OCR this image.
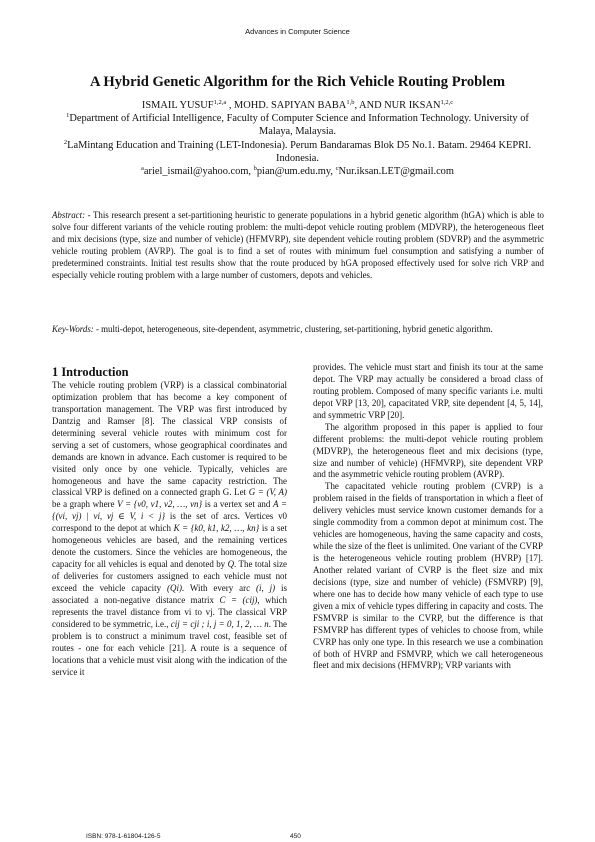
Advances in Computer Science
A Hybrid Genetic Algorithm for the Rich Vehicle Routing Problem
ISMAIL YUSUF$^{1,2,a}$ , MOHD. SAPIYAN BABA$^{1,b}$, AND NUR IKSAN$^{1,2,c}$
$^1$Department of Artificial Intelligence, Faculty of Computer Science and Information Technology. University of Malaya, Malaysia.
$^2$LaMintang Education and Training (LET-Indonesia). Perum Bandaramas Blok D5 No.1. Batam. 29464 KEPRI. Indonesia.
$^a$ariel_ismail@yahoo.com, $^b$pian@um.edu.my, $^c$Nur.iksan.LET@gmail.com
Abstract: - This research present a set-partitioning heuristic to generate populations in a hybrid genetic algorithm (hGA) which is able to solve four different variants of the vehicle routing problem: the multi-depot vehicle routing problem (MDVRP), the heterogeneous fleet and mix decisions (type, size and number of vehicle) (HFMVRP), site dependent vehicle routing problem (SDVRP) and the asymmetric vehicle routing problem (AVRP). The goal is to find a set of routes with minimum fuel consumption and satisfying a number of predetermined constraints. Initial test results show that the route produced by hGA proposed effectively used for solve rich VRP and especially vehicle routing problem with a large number of customers, depots and vehicles.
Key-Words: - multi-depot, heterogeneous, site-dependent, asymmetric, clustering, set-partitioning, hybrid genetic algorithm.
1 Introduction

The vehicle routing problem (VRP) is a classical combinatorial optimization problem that has become a key component of transportation management. The VRP was first introduced by Dantzig and Ramser [8]. The classical VRP consists of determining several vehicle routes with minimum cost for serving a set of customers, whose geographical coordinates and demands are known in advance. Each customer is required to be visited only once by one vehicle. Typically, vehicles are homogeneous and have the same capacity restriction. The classical VRP is defined on a connected graph G. Let G = (V, A) be a graph where V = {v0, v1, v2, …, vn} is a vertex set and A = {(vi, vj) | vi, vj ∈ V, i < j} is the set of arcs. Vertices v0 correspond to the depot at which K = {k0, k1, k2, …, kn} is a set homogeneous vehicles are based, and the remaining vertices denote the customers. Since the vehicles are homogeneous, the capacity for all vehicles is equal and denoted by Q. The total size of deliveries for customers assigned to each vehicle must not exceed the vehicle capacity (Qi). With every arc (i, j) is associated a non-negative distance matrix C = (cij), which represents the travel distance from vi to vj. The classical VRP considered to be symmetric, i.e., cij = cji ; i, j = 0, 1, 2, … n. The problem is to construct a minimum travel cost, feasible set of routes - one for each vehicle [21]. A route is a sequence of locations that a vehicle must visit along with the indication of the service it

provides. The vehicle must start and finish its tour at the same depot. The VRP may actually be considered a broad class of routing problem. Composed of many specific variants i.e. multi depot VRP [13, 20], capacitated VRP, site dependent [4, 5, 14], and symmetric VRP [20].

The algorithm proposed in this paper is applied to four different problems: the multi-depot vehicle routing problem (MDVRP), the heterogeneous fleet and mix decisions (type, size and number of vehicle) (HFMVRP), site dependent VRP and the asymmetric vehicle routing problem (AVRP).

The capacitated vehicle routing problem (CVRP) is a problem raised in the fields of transportation in which a fleet of delivery vehicles must service known customer demands for a single commodity from a common depot at minimum cost. The vehicles are homogeneous, having the same capacity and costs, while the size of the fleet is unlimited. One variant of the CVRP is the heterogeneous vehicle routing problem (HVRP) [17]. Another related variant of CVRP is the fleet size and mix decisions (type, size and number of vehicle) (FSMVRP) [9], where one has to decide how many vehicle of each type to use given a mix of vehicle types differing in capacity and costs. The FSMVRP is similar to the CVRP, but the difference is that FSMVRP has different types of vehicles to choose from, while CVRP has only one type. In this research we use a combination of both of HVRP and FSMVRP, which we call heterogeneous fleet and mix decisions (HFMVRP); VRP variants with

ISBN: 978-1-61804-126-5	450
